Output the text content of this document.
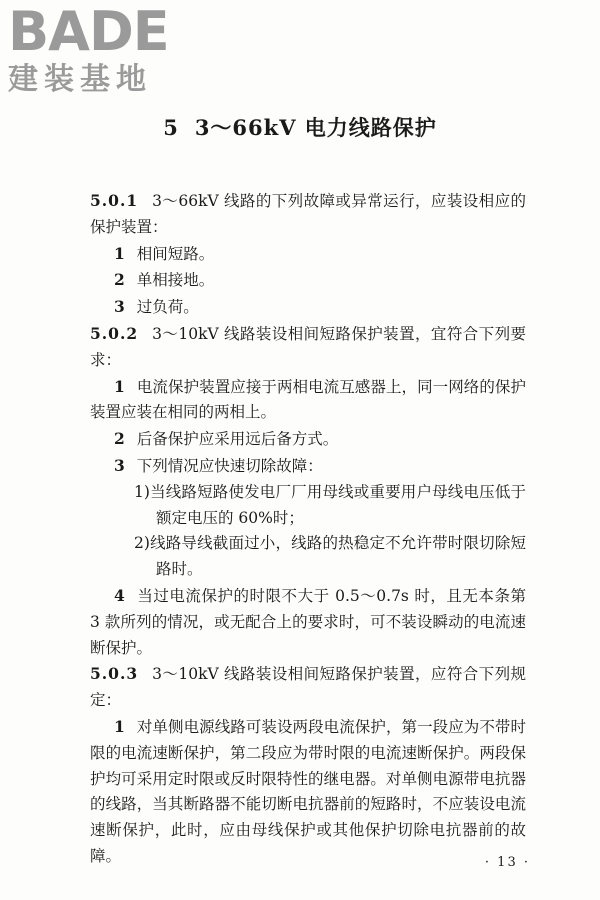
BADE
建装基地
5 3～66kV 电力线路保护

5.0.1 3～66kV 线路的下列故障或异常运行，应装设相应的保护装置：

1 相间短路。

2 单相接地。

3 过负荷。

5.0.2 3～10kV 线路装设相间短路保护装置，宜符合下列要求：

1 电流保护装置应接于两相电流互感器上，同一网络的保护装置应装在相同的两相上。

2 后备保护应采用远后备方式。

3 下列情况应快速切除故障：

1)当线路短路使发电厂厂用母线或重要用户母线电压低于额定电压的 60%时；

2)线路导线截面过小，线路的热稳定不允许带时限切除短路时。

4 当过电流保护的时限不大于 0.5～0.7s 时，且无本条第 3 款所列的情况，或无配合上的要求时，可不装设瞬动的电流速断保护。

5.0.3 3～10kV 线路装设相间短路保护装置，应符合下列规定：

1 对单侧电源线路可装设两段电流保护，第一段应为不带时限的电流速断保护，第二段应为带时限的电流速断保护。两段保护均可采用定时限或反时限特性的继电器。对单侧电源带电抗器的线路，当其断路器不能切断电抗器前的短路时，不应装设电流速断保护，此时，应由母线保护或其他保护切除电抗器前的故障。	· 13 ·
